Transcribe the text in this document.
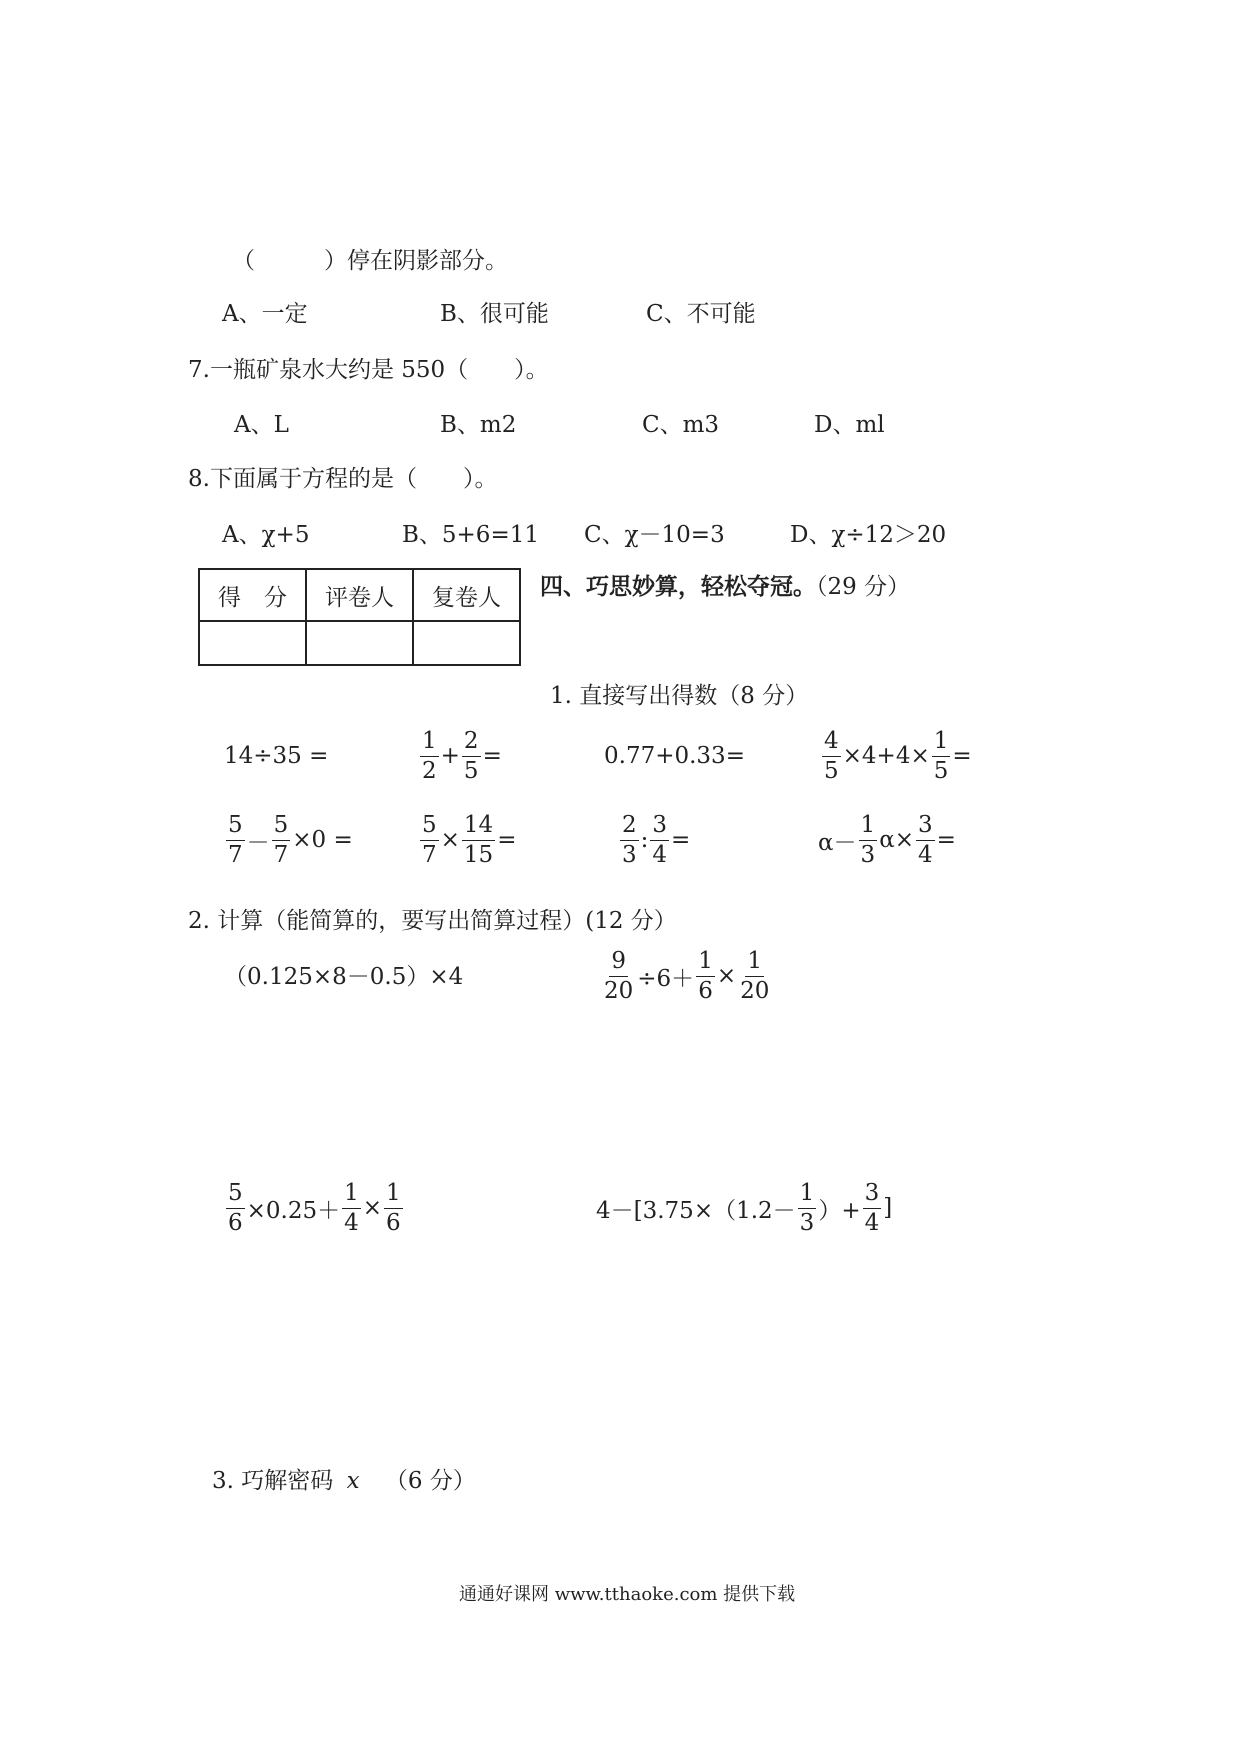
（　　　）停在阴影部分。
A、一定	B、很可能	C、不可能
7.一瓶矿泉水大约是 550（　　）。
A、L	B、m2	C、m3	D、ml
8.下面属于方程的是（　　）。
A、χ+5	B、5+6=11 C、χ－10=3	D、χ÷12＞20
得　分	评卷人	复卷人
		四、巧思妙算，轻松夺冠。（29 分）
1. 直接写出得数（8 分）
14÷35 =	$\frac{1}{2} + \frac{2}{5}$ =	0.77+0.33=	$\frac{4}{5} \times 4+4\times \frac{1}{5}$ =
$\frac{5}{7} - \frac{5}{7} \times 0$ =	$\frac{5}{7} \times \frac{14}{15}$ =	$\frac{2}{3}$ : $\frac{3}{4}$ =	$\alpha- \frac{1}{3} \alpha\times \frac{3}{4}$ =
2. 计算（能简算的，要写出简算过程）(12 分）
（0.125×8－0.5）×4	$\frac{9}{20} \div 6+ \frac{1}{6} \times \frac{1}{20}$
$\frac{5}{6} \times 0.25+ \frac{1}{4} \times \frac{1}{6}$	$4-[3.75\times(1.2- \frac{1}{3}$ ）+ $\frac{3}{4}$ ]
3. 巧解密码 x （6 分）
通通好课网 www.tthaoke.com 提供下载
